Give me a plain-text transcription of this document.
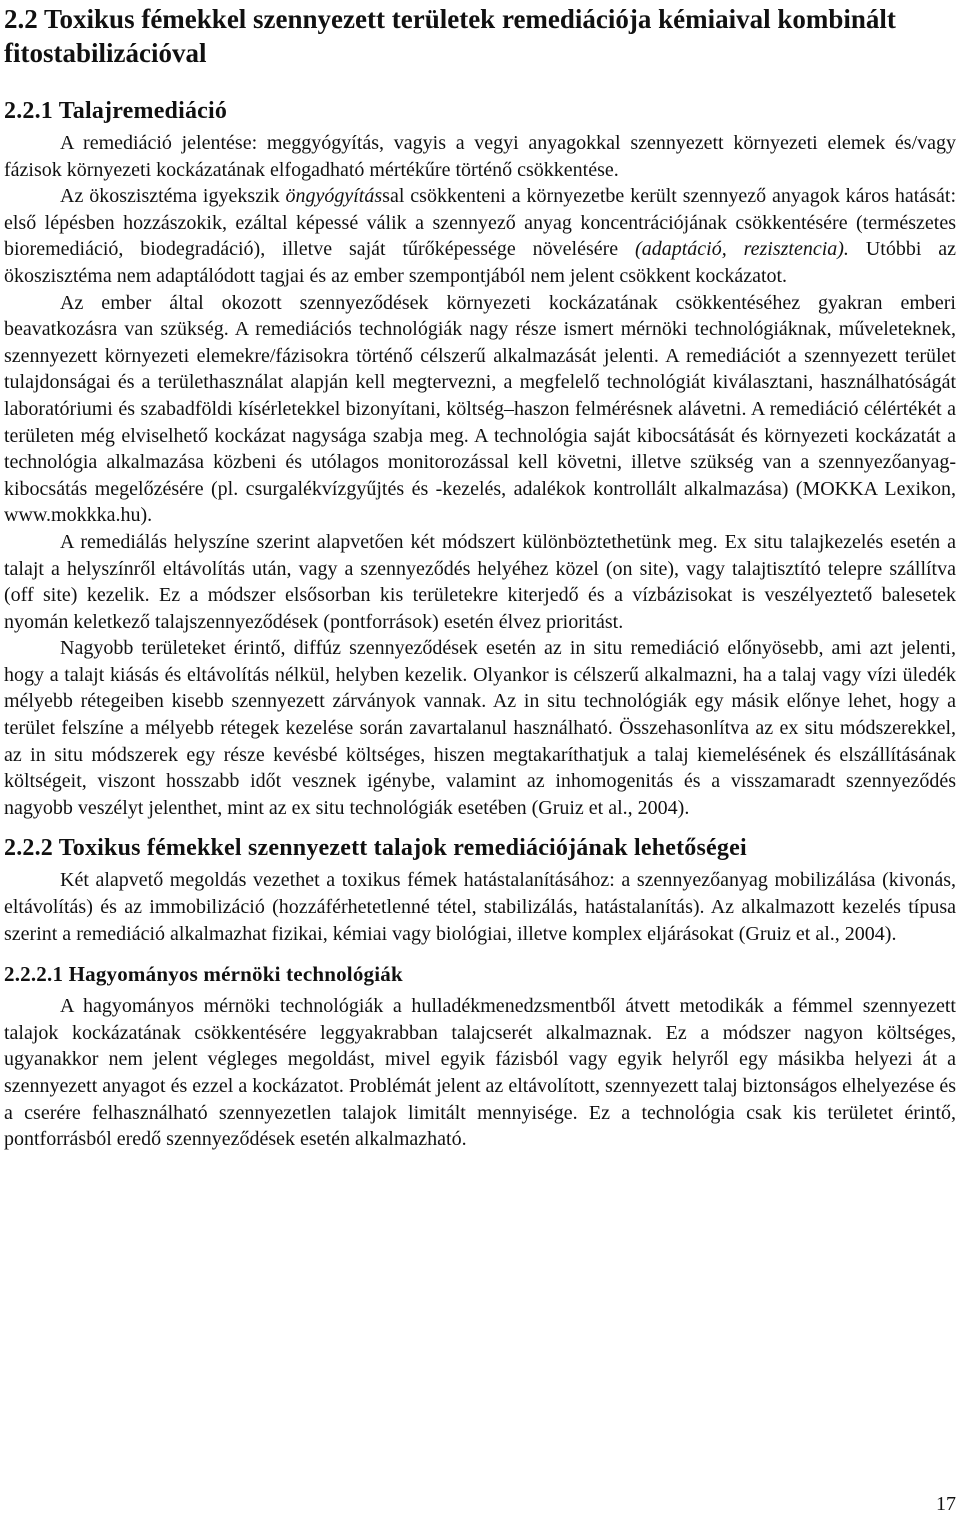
2.2 Toxikus fémekkel szennyezett területek remediációja kémiaival kombinált fitostabilizációval
2.2.1 Talajremediáció

A remediáció jelentése: meggyógyítás, vagyis a vegyi anyagokkal szennyezett környezeti elemek és/vagy fázisok környezeti kockázatának elfogadható mértékűre történő csökkentése.

Az ökoszisztéma igyekszik öngyógyítással csökkenteni a környezetbe került szennyező anyagok káros hatását: első lépésben hozzászokik, ezáltal képessé válik a szennyező anyag koncentrációjának csökkentésére (természetes bioremediáció, biodegradáció), illetve saját tűrőképessége növelésére (adaptáció, rezisztencia). Utóbbi az ökoszisztéma nem adaptálódott tagjai és az ember szempontjából nem jelent csökkent kockázatot.

Az ember által okozott szennyeződések környezeti kockázatának csökkentéséhez gyakran emberi beavatkozásra van szükség. A remediációs technológiák nagy része ismert mérnöki technológiáknak, műveleteknek, szennyezett környezeti elemekre/fázisokra történő célszerű alkalmazását jelenti. A remediációt a szennyezett terület tulajdonságai és a területhasználat alapján kell megtervezni, a megfelelő technológiát kiválasztani, használhatóságát laboratóriumi és szabadföldi kísérletekkel bizonyítani, költség–haszon felmérésnek alávetni. A remediáció célértékét a területen még elviselhető kockázat nagysága szabja meg. A technológia saját kibocsátását és környezeti kockázatát a technológia alkalmazása közbeni és utólagos monitorozással kell követni, illetve szükség van a szennyezőanyag-kibocsátás megelőzésére (pl. csurgalékvízgyűjtés és -kezelés, adalékok kontrollált alkalmazása) (MOKKA Lexikon, www.mokkka.hu).

A remediálás helyszíne szerint alapvetően két módszert különböztethetünk meg. Ex situ talajkezelés esetén a talajt a helyszínről eltávolítás után, vagy a szennyeződés helyéhez közel (on site), vagy talajtisztító telepre szállítva (off site) kezelik. Ez a módszer elsősorban kis területekre kiterjedő és a vízbázisokat is veszélyeztető balesetek nyomán keletkező talajszennyeződések (pontforrások) esetén élvez prioritást.

Nagyobb területeket érintő, diffúz szennyeződések esetén az in situ remediáció előnyösebb, ami azt jelenti, hogy a talajt kiásás és eltávolítás nélkül, helyben kezelik. Olyankor is célszerű alkalmazni, ha a talaj vagy vízi üledék mélyebb rétegeiben kisebb szennyezett zárványok vannak. Az in situ technológiák egy másik előnye lehet, hogy a terület felszíne a mélyebb rétegek kezelése során zavartalanul használható. Összehasonlítva az ex situ módszerekkel, az in situ módszerek egy része kevésbé költséges, hiszen megtakaríthatjuk a talaj kiemelésének és elszállításának költségeit, viszont hosszabb időt vesznek igénybe, valamint az inhomogenitás és a visszamaradt szennyeződés nagyobb veszélyt jelenthet, mint az ex situ technológiák esetében (Gruiz et al., 2004).

2.2.2 Toxikus fémekkel szennyezett talajok remediációjának lehetőségei

Két alapvető megoldás vezethet a toxikus fémek hatástalanításához: a szennyezőanyag mobilizálása (kivonás, eltávolítás) és az immobilizáció (hozzáférhetetlenné tétel, stabilizálás, hatástalanítás). Az alkalmazott kezelés típusa szerint a remediáció alkalmazhat fizikai, kémiai vagy biológiai, illetve komplex eljárásokat (Gruiz et al., 2004).

2.2.2.1 Hagyományos mérnöki technológiák

A hagyományos mérnöki technológiák a hulladékmenedzsmentből átvett metodikák a fémmel szennyezett talajok kockázatának csökkentésére leggyakrabban talajcserét alkalmaznak. Ez a módszer nagyon költséges, ugyanakkor nem jelent végleges megoldást, mivel egyik fázisból vagy egyik helyről egy másikba helyezi át a szennyezett anyagot és ezzel a kockázatot. Problémát jelent az eltávolított, szennyezett talaj biztonságos elhelyezése és a cserére felhasználható szennyezetlen talajok limitált mennyisége. Ez a technológia csak kis területet érintő, pontforrásból eredő szennyeződések esetén alkalmazható.

17
